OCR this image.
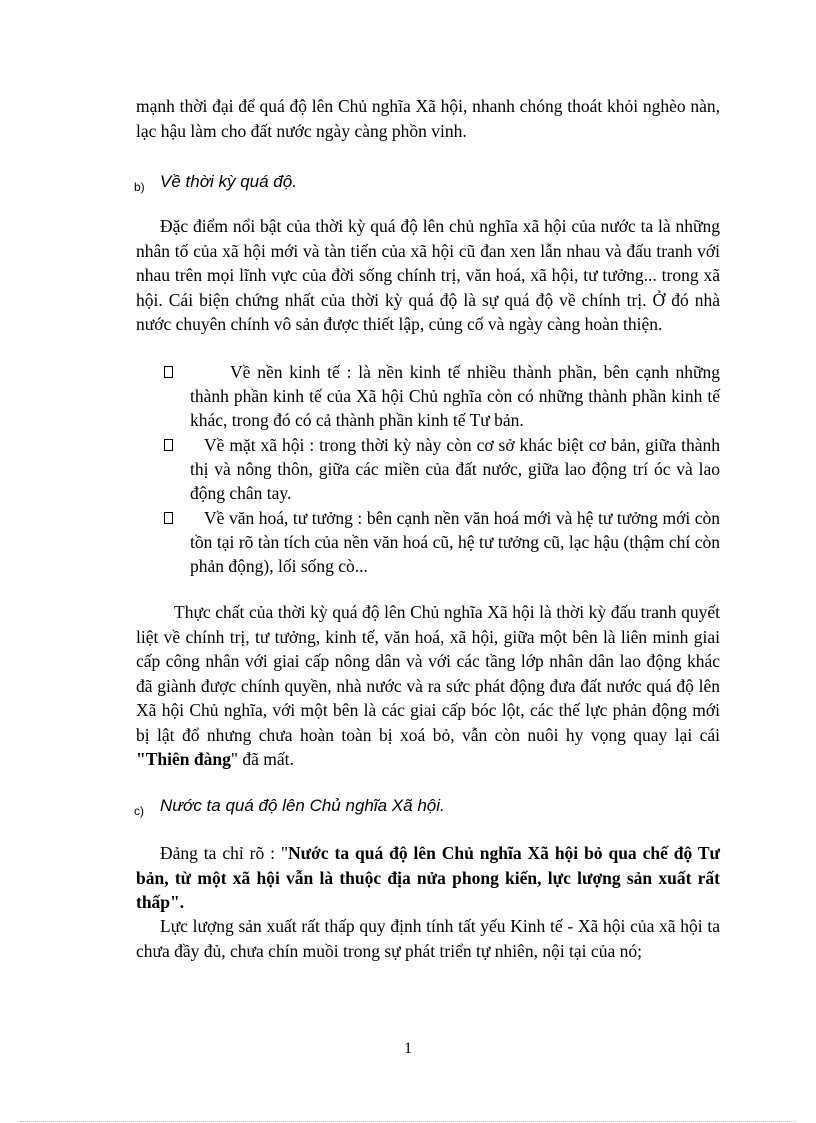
mạnh thời đại để quá độ lên Chủ nghĩa Xã hội, nhanh chóng thoát khỏi nghèo nàn, lạc hậu làm cho đất nước ngày càng phồn vinh.

b) Về thời kỳ quá độ.

Đặc điểm nổi bật của thời kỳ quá độ lên chủ nghĩa xã hội của nước ta là những nhân tố của xã hội mới và tàn tiến của xã hội cũ đan xen lẫn nhau và đấu tranh với nhau trên mọi lĩnh vực của đời sống chính trị, văn hoá, xã hội, tư tưởng... trong xã hội. Cái biện chứng nhất của thời kỳ quá độ là sự quá độ về chính trị. Ở đó nhà nước chuyên chính vô sản được thiết lập, củng cố và ngày càng hoàn thiện.

Về nền kinh tế : là nền kinh tế nhiều thành phần, bên cạnh những thành phần kinh tế của Xã hội Chủ nghĩa còn có những thành phần kinh tế khác, trong đó có cả thành phần kinh tế Tư bản.
Về mặt xã hội : trong thời kỳ này còn cơ sở khác biệt cơ bản, giữa thành thị và nông thôn, giữa các miền của đất nước, giữa lao động trí óc và lao động chân tay.
Về văn hoá, tư tưởng : bên cạnh nền văn hoá mới và hệ tư tưởng mới còn tồn tại rõ tàn tích của nền văn hoá cũ, hệ tư tưởng cũ, lạc hậu (thậm chí còn phản động), lối sống cò...

Thực chất của thời kỳ quá độ lên Chủ nghĩa Xã hội là thời kỳ đấu tranh quyết liệt về chính trị, tư tưởng, kinh tế, văn hoá, xã hội, giữa một bên là liên minh giai cấp công nhân với giai cấp nông dân và với các tầng lớp nhân dân lao động khác đã giành được chính quyền, nhà nước và ra sức phát động đưa đất nước quá độ lên Xã hội Chủ nghĩa, với một bên là các giai cấp bóc lột, các thế lực phản động mới bị lật đổ nhưng chưa hoàn toàn bị xoá bỏ, vẫn còn nuôi hy vọng quay lại cái "Thiên đàng" đã mất.

c) Nước ta quá độ lên Chủ nghĩa Xã hội.

Đảng ta chỉ rõ : "Nước ta quá độ lên Chủ nghĩa Xã hội bỏ qua chế độ Tư bản, từ một xã hội vẫn là thuộc địa nửa phong kiến, lực lượng sản xuất rất thấp".

Lực lượng sản xuất rất thấp quy định tính tất yếu Kinh tế - Xã hội của xã hội ta chưa đầy đủ, chưa chín muồi trong sự phát triển tự nhiên, nội tại của nó;

1
